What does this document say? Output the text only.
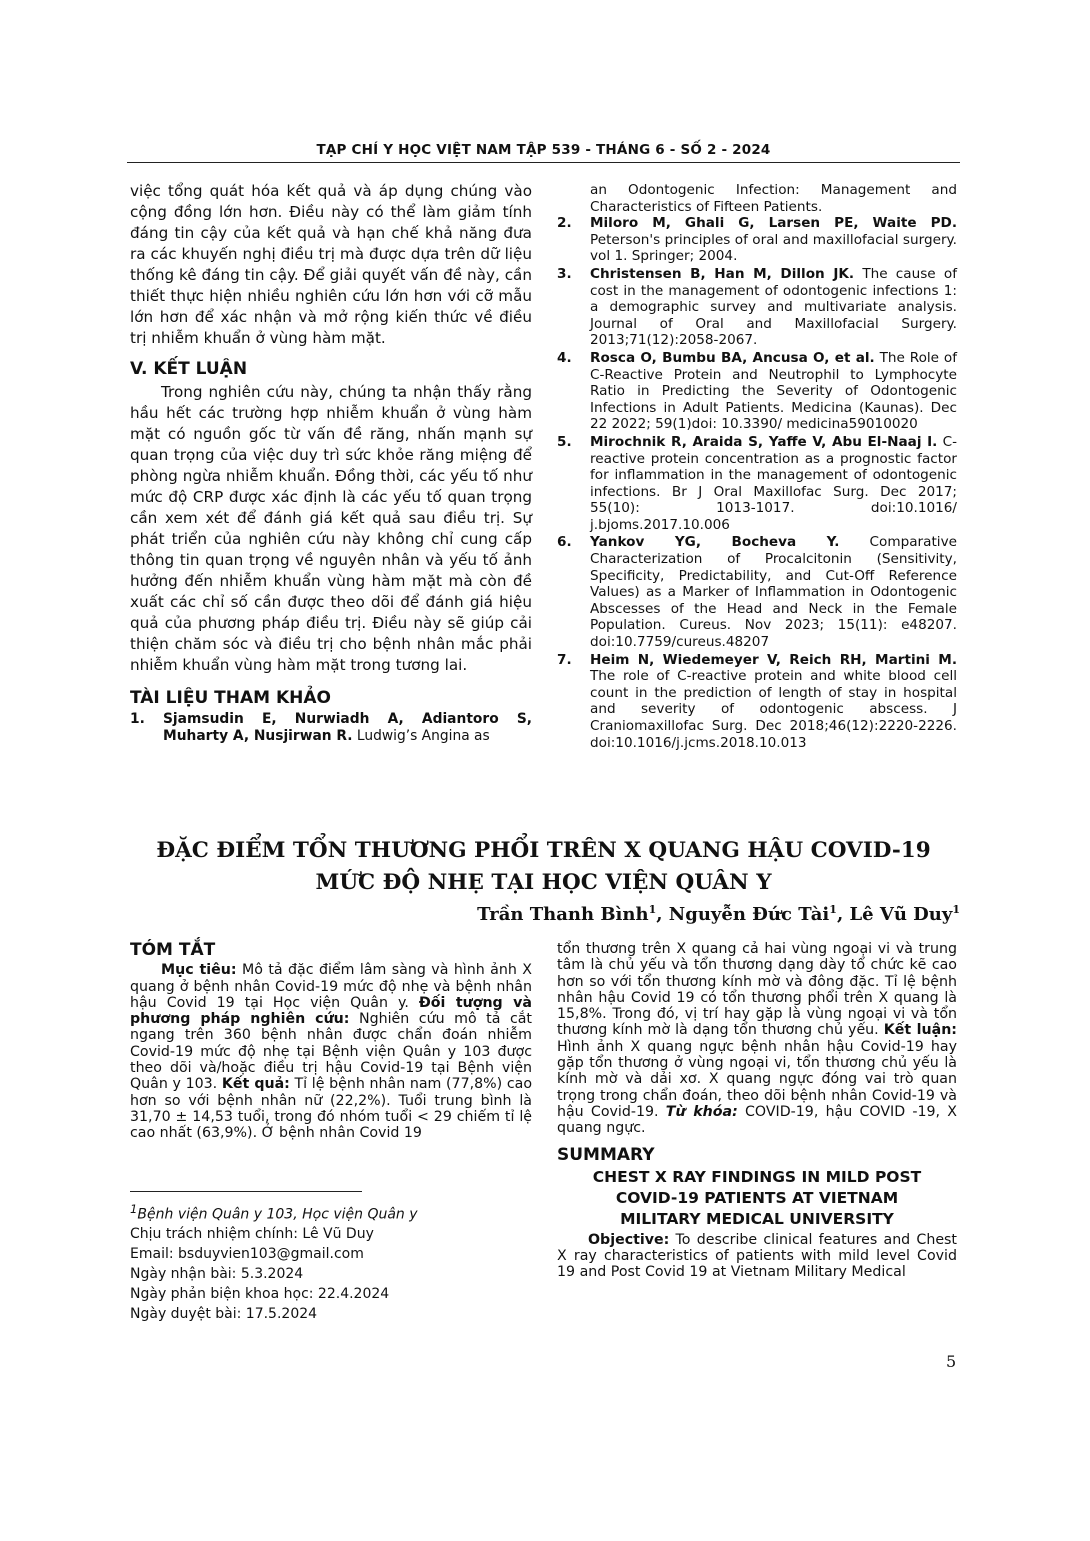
TẠP CHÍ Y HỌC VIỆT NAM TẬP 539 - THÁNG 6 - SỐ 2 - 2024

việc tổng quát hóa kết quả và áp dụng chúng vào cộng đồng lớn hơn. Điều này có thể làm giảm tính đáng tin cậy của kết quả và hạn chế khả năng đưa ra các khuyến nghị điều trị mà được dựa trên dữ liệu thống kê đáng tin cậy. Để giải quyết vấn đề này, cần thiết thực hiện nhiều nghiên cứu lớn hơn với cỡ mẫu lớn hơn để xác nhận và mở rộng kiến thức về điều trị nhiễm khuẩn ở vùng hàm mặt.

V. KẾT LUẬN

Trong nghiên cứu này, chúng ta nhận thấy rằng hầu hết các trường hợp nhiễm khuẩn ở vùng hàm mặt có nguồn gốc từ vấn đề răng, nhấn mạnh sự quan trọng của việc duy trì sức khỏe răng miệng để phòng ngừa nhiễm khuẩn. Đồng thời, các yếu tố như mức độ CRP được xác định là các yếu tố quan trọng cần xem xét để đánh giá kết quả sau điều trị. Sự phát triển của nghiên cứu này không chỉ cung cấp thông tin quan trọng về nguyên nhân và yếu tố ảnh hưởng đến nhiễm khuẩn vùng hàm mặt mà còn đề xuất các chỉ số cần được theo dõi để đánh giá hiệu quả của phương pháp điều trị. Điều này sẽ giúp cải thiện chăm sóc và điều trị cho bệnh nhân mắc phải nhiễm khuẩn vùng hàm mặt trong tương lai.

TÀI LIỆU THAM KHẢO
1.	Sjamsudin E, Nurwiadh A, Adiantoro S, Muharty A, Nusjirwan R. Ludwig’s Angina as
an Odontogenic Infection: Management and Characteristics of Fifteen Patients.
2.	Miloro M, Ghali G, Larsen PE, Waite PD. Peterson's principles of oral and maxillofacial surgery. vol 1. Springer; 2004.
3.	Christensen B, Han M, Dillon JK. The cause of cost in the management of odontogenic infections 1: a demographic survey and multivariate analysis. Journal of Oral and Maxillofacial Surgery. 2013;71(12):2058-2067.
4.	Rosca O, Bumbu BA, Ancusa O, et al. The Role of C-Reactive Protein and Neutrophil to Lymphocyte Ratio in Predicting the Severity of Odontogenic Infections in Adult Patients. Medicina (Kaunas). Dec 22 2022; 59(1)doi: 10.3390/ medicina59010020
5.	Mirochnik R, Araida S, Yaffe V, Abu El-Naaj I. C-reactive protein concentration as a prognostic factor for inflammation in the management of odontogenic infections. Br J Oral Maxillofac Surg. Dec 2017; 55(10): 1013-1017. doi:10.1016/ j.bjoms.2017.10.006
6.	Yankov YG, Bocheva Y. Comparative Characterization of Procalcitonin (Sensitivity, Specificity, Predictability, and Cut-Off Reference Values) as a Marker of Inflammation in Odontogenic Abscesses of the Head and Neck in the Female Population. Cureus. Nov 2023; 15(11): e48207. doi:10.7759/cureus.48207
7.	Heim N, Wiedemeyer V, Reich RH, Martini M. The role of C-reactive protein and white blood cell count in the prediction of length of stay in hospital and severity of odontogenic abscess. J Craniomaxillofac Surg. Dec 2018;46(12):2220-2226. doi:10.1016/j.jcms.2018.10.013
ĐẶC ĐIỂM TỔN THƯƠNG PHỔI TRÊN X QUANG HẬU COVID-19
MỨC ĐỘ NHẸ TẠI HỌC VIỆN QUÂN Y
Trần Thanh Bình$^1$, Nguyễn Đức Tài$^1$, Lê Vũ Duy$^1$
TÓM TẮT

Mục tiêu: Mô tả đặc điểm lâm sàng và hình ảnh X quang ở bệnh nhân Covid-19 mức độ nhẹ và bệnh nhân hậu Covid 19 tại Học viện Quân y. Đối tượng và phương pháp nghiên cứu: Nghiên cứu mô tả cắt ngang trên 360 bệnh nhân được chẩn đoán nhiễm Covid-19 mức độ nhẹ tại Bệnh viện Quân y 103 được theo dõi và/hoặc điều trị hậu Covid-19 tại Bệnh viện Quân y 103. Kết quả: Tỉ lệ bệnh nhân nam (77,8%) cao hơn so với bệnh nhân nữ (22,2%). Tuổi trung bình là 31,70 ± 14,53 tuổi, trong đó nhóm tuổi < 29 chiếm tỉ lệ cao nhất (63,9%). Ở bệnh nhân Covid 19

tổn thương trên X quang cả hai vùng ngoại vi và trung tâm là chủ yếu và tổn thương dạng dày tổ chức kẽ cao hơn so với tổn thương kính mờ và đông đặc. Tỉ lệ bệnh nhân hậu Covid 19 có tổn thương phổi trên X quang là 15,8%. Trong đó, vị trí hay gặp là vùng ngoại vi và tổn thương kính mờ là dạng tổn thương chủ yếu. Kết luận: Hình ảnh X quang ngực bệnh nhân hậu Covid-19 hay gặp tổn thương ở vùng ngoại vi, tổn thương chủ yếu là kính mờ và dải xơ. X quang ngực đóng vai trò quan trọng trong chẩn đoán, theo dõi bệnh nhân Covid-19 và hậu Covid-19. Từ khóa: COVID-19, hậu COVID -19, X quang ngực.

SUMMARY
CHEST X RAY FINDINGS IN MILD POST
COVID-19 PATIENTS AT VIETNAM
MILITARY MEDICAL UNIVERSITY

Objective: To describe clinical features and Chest X ray characteristics of patients with mild level Covid 19 and Post Covid 19 at Vietnam Military Medical

$^1$Bệnh viện Quân y 103, Học viện Quân y
Chịu trách nhiệm chính: Lê Vũ Duy
Email: bsduyvien103@gmail.com
Ngày nhận bài: 5.3.2024
Ngày phản biện khoa học: 22.4.2024
Ngày duyệt bài: 17.5.2024
5
